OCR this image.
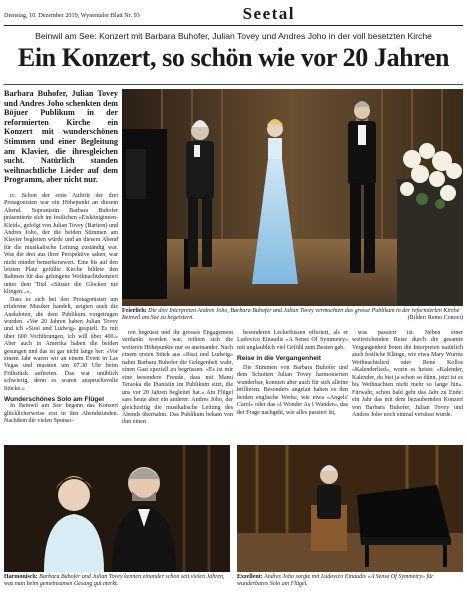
Dienstag, 10. Dezember 2019, Wynentaler Blatt Nr. 93	Seetal
Beinwil am See: Konzert mit Barbara Buhofer, Julian Tovey und Andres Joho in der voll besetzten Kirche
Ein Konzert, so schön wie vor 20 Jahren
Barbara Buhofer, Julian Tovey und Andres Joho schenkten dem Böjuer Publikum in der reformierten Kirche ein Konzert mit wunderschönen Stimmen und einer Begleitung am Klavier, die ihresgleichen sucht. Natürlich standen weihnachtliche Lieder auf dem Programm, aber nicht nur.

rc. Schon der erste Auftritt der drei Protagonisten war ein Höhepunkt an diesem Abend. Sopranistin Barbara Buhofer präsentierte sich im festlichen «Eiskönigineen-Kleid», gefolgt von Julian Tovey (Bariton) und Andres Joho, der die beiden Stimmen am Klavier begleiten würde und an diesem Abend für die musikalische Leitung zuständig war. Was die drei aus ihrer Perspektive sahen, war nicht minder bemerkenswert. Eine bis auf den letzten Platz gefüllte Kirche bildete den Rahmen für das gelungene Weihnachtskonzert unter dem Titel «Süsser die Glocken nie klingen...».

Dass es sich bei den Protagonisten um erfahrene Musiker handelt, zeigten auch die Anekdoten, die dem Publikum vorgetragen wurden. «Vor 20 Jahren haben Julian Tovey und ich «Sissi und Ludwig» gespielt. Es mit über 600 Vorführungen, ich will über 400.» Aber auch in Amerika haben die beiden gesungen und das ist gar nicht lange her: «Vor einem Jahr waren wir an einem Event in Las Vegas und mussten um 07.30 Uhr beim Frühstück auftreten. Das war unüblich schwierig, denn es waren anspruchsvolle Stücke.»

Wunderschönes Solo am Flügel

In Beinwil am See begann das Konzert glücklicherweise erst in den Abendstunden. Nachdem die vielen Sponso-

Feierlich: Die drei Interpreten Andres Joho, Barbara Buhofer und Julian Tovey vermochten das grosse Publikum in der reformierten Kirche Beinwil am See zu begeistern.	(Bilder: Remo Conoci)

ren begrüsst und ihr grosses Engagement verdankt worden war, reihten sich die weiteren Höhepunkte nur so aneinander. Nach einem ersten Stück aus «Sissi und Ludwig» nahm Barbara Buhofer die Gelegenheit wahr, einen Gast speziell zu begrüssen. «Es ist mir eine besondere Freude, dass mit Mami Teraoka die Pianistin im Publikum sitzt, die uns vor 20 Jahren begleitet hat.» Am Flügel sass heute aber ein anderer: Andres Joho, der gleichzeitig die musikalische Leitung des Abends übernahm. Das Publikum bekam von ihm einen

besonderen Leckerbissen offeriert, als er Ludovico Einaudis «A Sense Of Symmetry» mit unglaublich viel Gefühl zum Besten gab.

Reise in die Vergangenheit

Die Stimmen von Barbara Buhofer und dem Schotten Julian Tovey harmonierten wunderbar, konnten aber auch für sich alleine brillieren. Besonders angetan haben es den beiden englische Werke, wie etwa «Angels' Carol» oder das «I Wonder As I Wander», das der Frage nachgeht, wie alles passiert ist,

was passiert ist. Neben einer weitreichenden Reise durch die gesamte Vergangenheit boten die Interpreten natürlich auch festliche Klänge, wie etwa Mary Wurms Weihnachtslied oder René Kollos «Kalenderlied», worin es heisst: «Kalender, Kalender, du bist ja schon so dünn, jetzt ist es bis Weihnachten nicht mehr so lange hin». Fürwahr, schon bald geht das Jahr zu Ende: ein Jahr das mit dem bezaubernden Konzert von Barbara Buhofer, Julian Tovey und Andres Joho noch einmal versüsst wurde.

Harmonisch: Barbara Buhofer und Julian Tovey kennen einander schon seit vielen Jahren, was man beim gemeinsamen Gesang gut merkt.
Exzellent: Andres Joho sorgte mit Ludovico Einaudis «A Sense Of Symmetry» für wunderbares Solo am Flügel.
